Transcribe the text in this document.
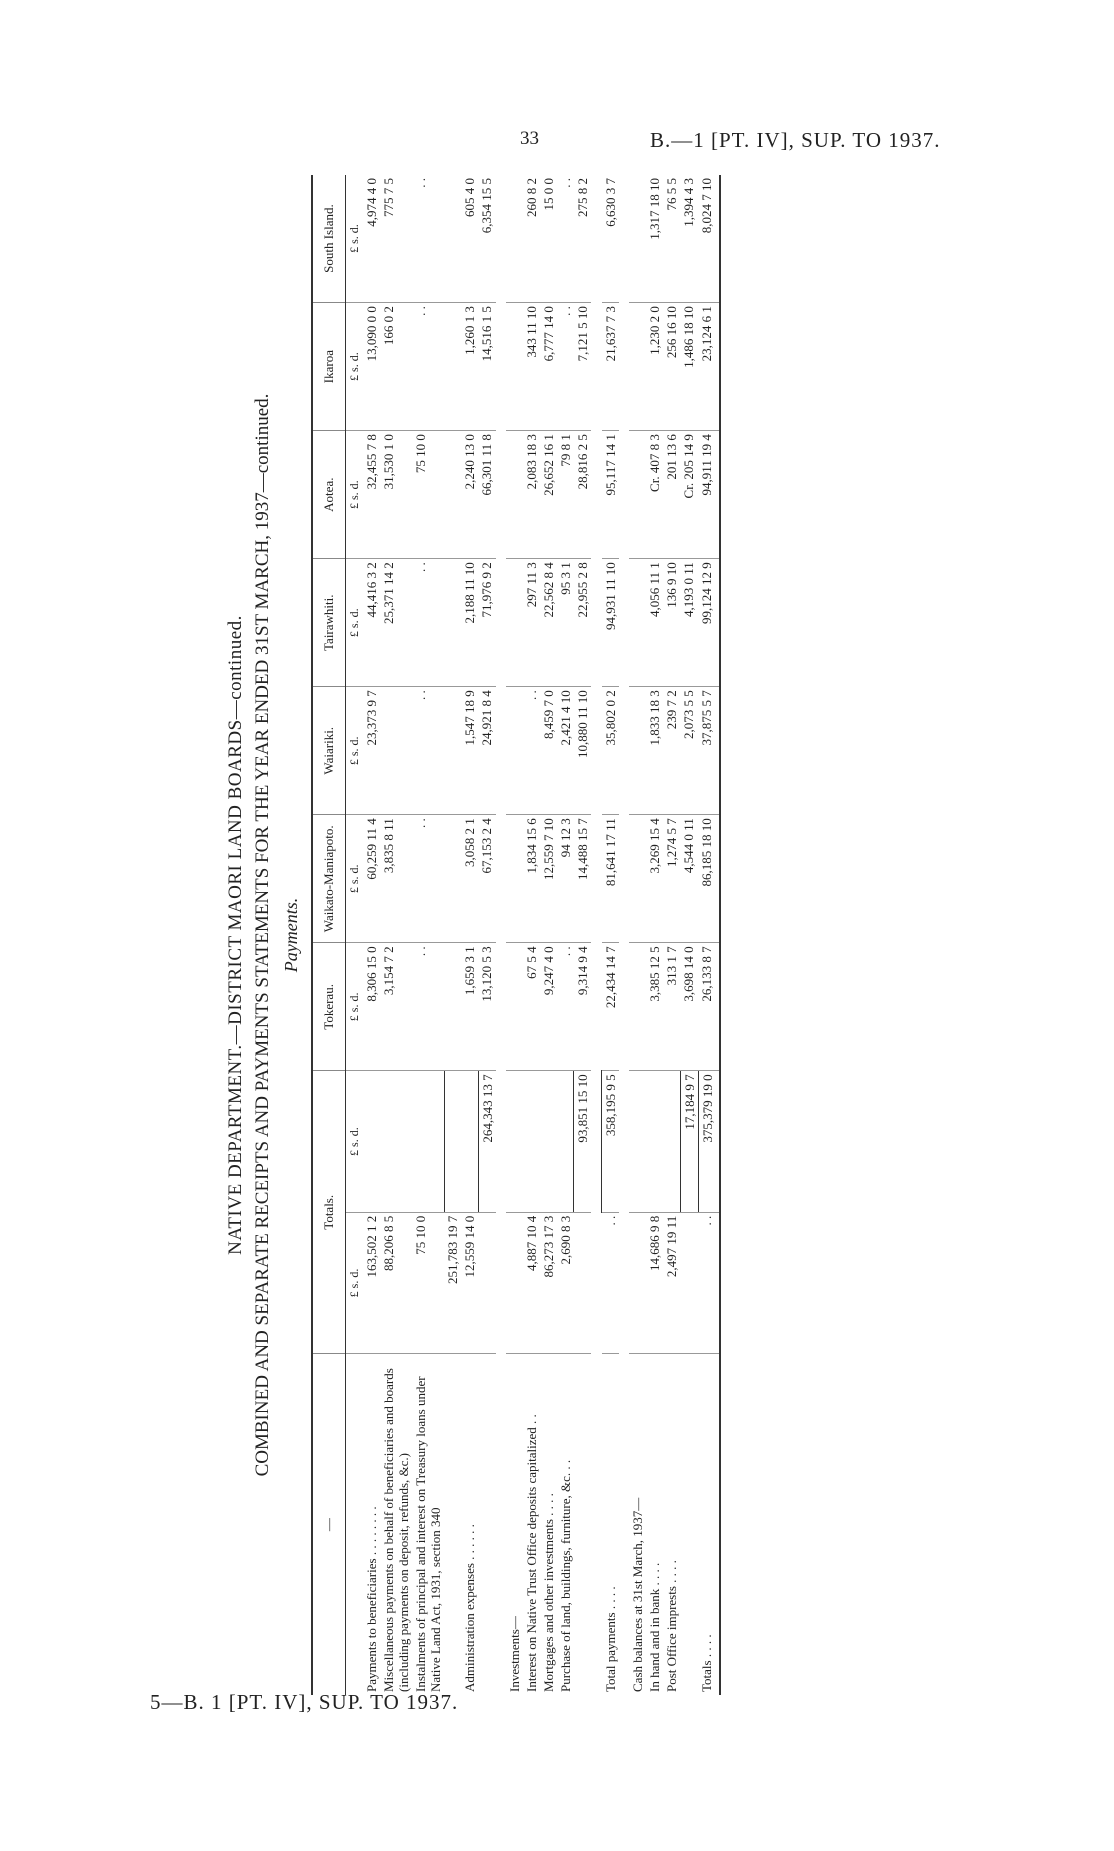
33	B.—1 [PT. IV], SUP. TO 1937.
5—B. 1 [PT. IV], SUP. TO 1937.

NATIVE DEPARTMENT.—DISTRICT MAORI LAND BOARDS—continued. COMBINED AND SEPARATE RECEIPTS AND PAYMENTS STATEMENTS FOR THE YEAR ENDED 31ST MARCH, 1937—continued. Payments.

—	Totals.		Tokerau.	Waikato-Maniapoto.	Waiariki.	Tairawhiti.	Aotea.	Ikaroa	South Island.
	£ s. d.	£ s. d.	£ s. d.	£ s. d.	£ s. d.	£ s. d.	£ s. d.	£ s. d.	£ s. d.
Payments to beneficiaries . . . . . . . .	163,502 1 2		8,306 15 0	60,259 11 4	23,373 9 7	44,416 3 2	32,455 7 8	13,090 0 0	4,974 4 0
Miscellaneous payments on behalf of beneficiaries and boards (including payments on deposit, refunds, &c.)	88,206 8 5		3,154 7 2	3,835 8 11		25,371 14 2	31,530 1 0	166 0 2	775 7 5
Instalments of principal and interest on Treasury loans under Native Land Act, 1931, section 340	75 10 0		. .	. .	. .	. .	75 10 0	. .	. .
	251,783 19 7								
Administration expenses . . . . . .	12,559 14 0		1,659 3 1	3,058 2 1	1,547 18 9	2,188 11 10	2,240 13 0	1,260 1 3	605 4 0
		264,343 13 7	13,120 5 3	67,153 2 4	24,921 8 4	71,976 9 2	66,301 11 8	14,516 1 5	6,354 15 5

Investments—									
Interest on Native Trust Office deposits capitalized . .	4,887 10 4		67 5 4	1,834 15 6	. .	297 11 3	2,083 18 3	343 11 10	260 8 2
Mortgages and other investments . . . .	86,273 17 3		9,247 4 0	12,559 7 10	8,459 7 0	22,562 8 4	26,652 16 1	6,777 14 0	15 0 0
Purchase of land, buildings, furniture, &c. . .	2,690 8 3		. .	94 12 3	2,421 4 10	95 3 1	79 8 1	. .	. .
		93,851 15 10	9,314 9 4	14,488 15 7	10,880 11 10	22,955 2 8	28,816 2 5	7,121 5 10	275 8 2

Total payments . . . .	. .	358,195 9 5	22,434 14 7	81,641 17 11	35,802 0 2	94,931 11 10	95,117 14 1	21,637 7 3	6,630 3 7

Cash balances at 31st March, 1937—									
In hand and in bank . . . .	14,686 9 8		3,385 12 5	3,269 15 4	1,833 18 3	4,056 11 1	Cr. 407 8 3	1,230 2 0	1,317 18 10
Post Office imprests . . . .	2,497 19 11		313 1 7	1,274 5 7	239 7 2	136 9 10	201 13 6	256 16 10	76 5 5
		17,184 9 7	3,698 14 0	4,544 0 11	2,073 5 5	4,193 0 11	Cr. 205 14 9	1,486 18 10	1,394 4 3
Totals . . . .	. .	375,379 19 0	26,133 8 7	86,185 18 10	37,875 5 7	99,124 12 9	94,911 19 4	23,124 6 1	8,024 7 10
